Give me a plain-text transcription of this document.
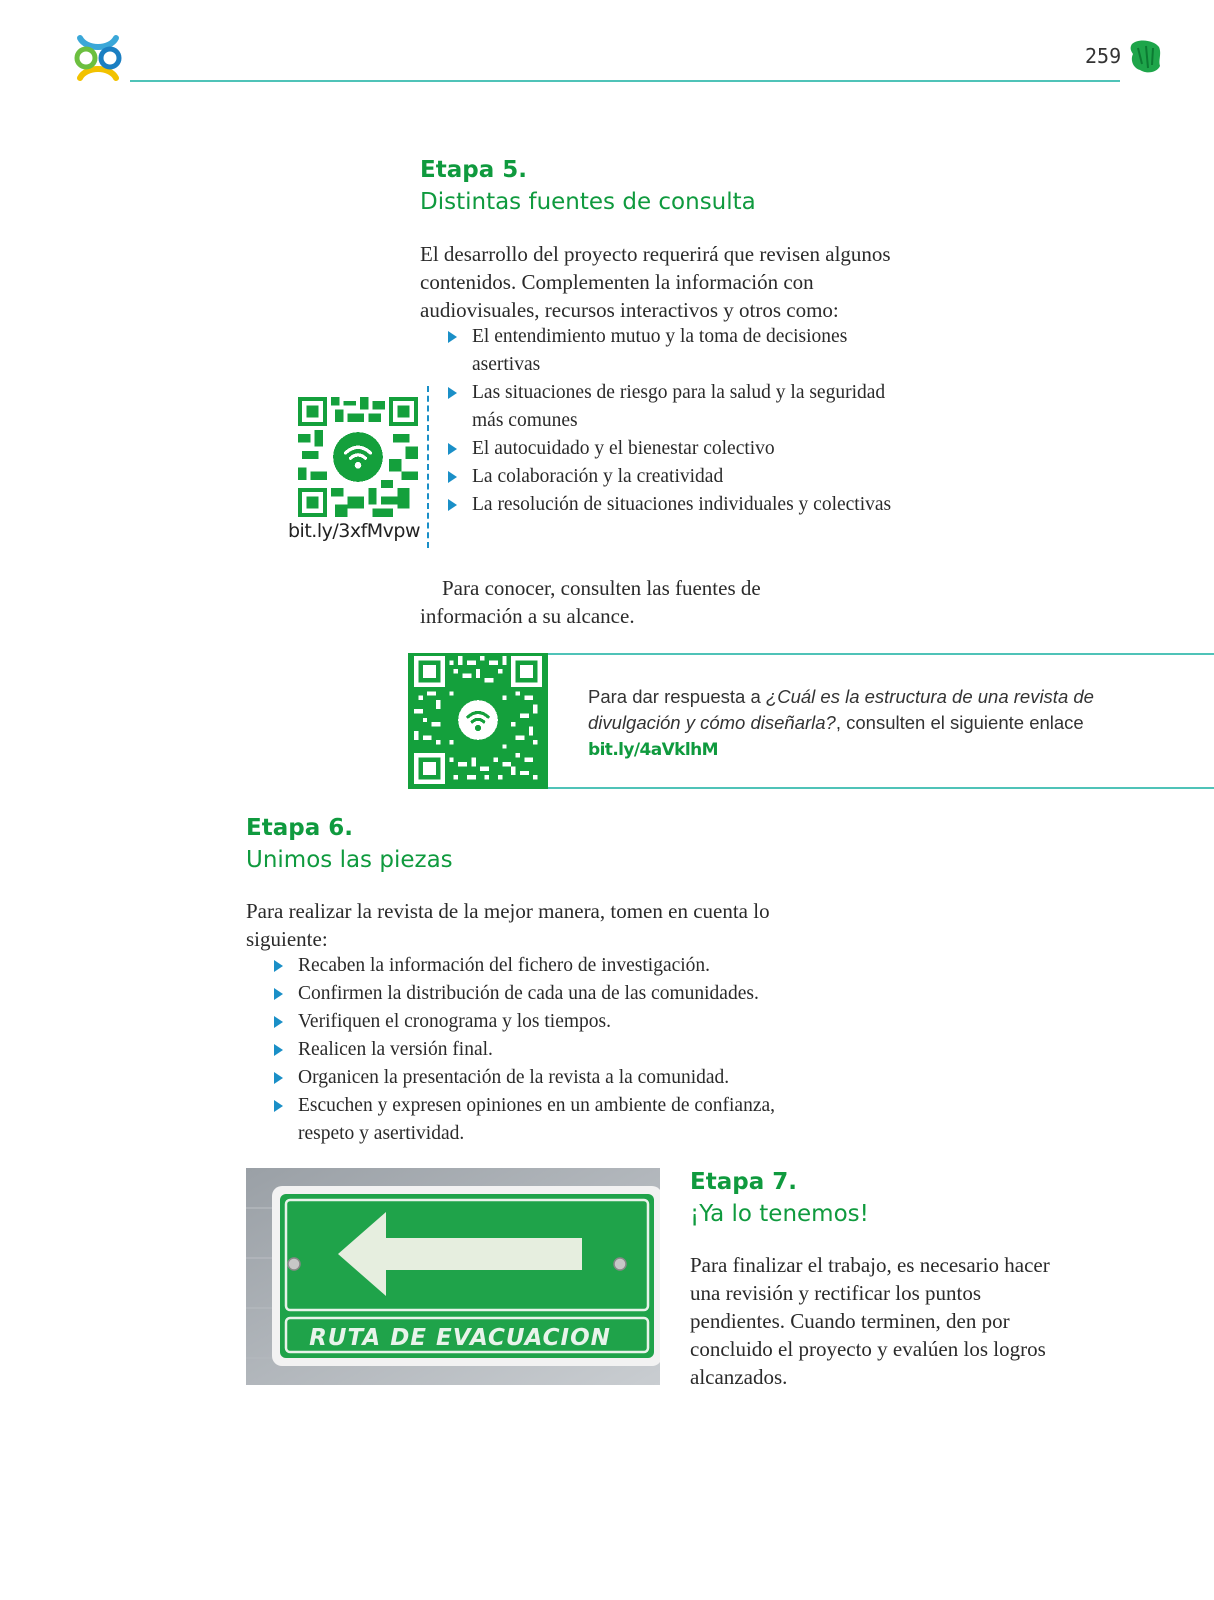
259
Etapa 5.
Distintas fuentes de consulta
El desarrollo del proyecto requerirá que revisen algunos contenidos. Complementen la información con audiovisuales, recursos interactivos y otros como:
El entendimiento mutuo y la toma de decisiones asertivas
Las situaciones de riesgo para la salud y la seguridad más comunes
El autocuidado y el bienestar colectivo
La colaboración y la creatividad
La resolución de situaciones individuales y colectivas
bit.ly/3xfMvpw
Para conocer, consulten las fuentes de información a su alcance.
Para dar respuesta a ¿Cuál es la estructura de una revista de divulgación y cómo diseñarla?, consulten el siguiente enlace
bit.ly/4aVklhM
Etapa 6.
Unimos las piezas
Para realizar la revista de la mejor manera, tomen en cuenta lo siguiente:
Recaben la información del fichero de investigación.
Confirmen la distribución de cada una de las comunidades.
Verifiquen el cronograma y los tiempos.
Realicen la versión final.
Organicen la presentación de la revista a la comunidad.
Escuchen y expresen opiniones en un ambiente de confianza, respeto y asertividad.
RUTA DE EVACUACION
Etapa 7.
¡Ya lo tenemos!
Para finalizar el trabajo, es necesario hacer una revisión y rectificar los puntos pendientes. Cuando terminen, den por concluido el proyecto y evalúen los logros alcanzados.
